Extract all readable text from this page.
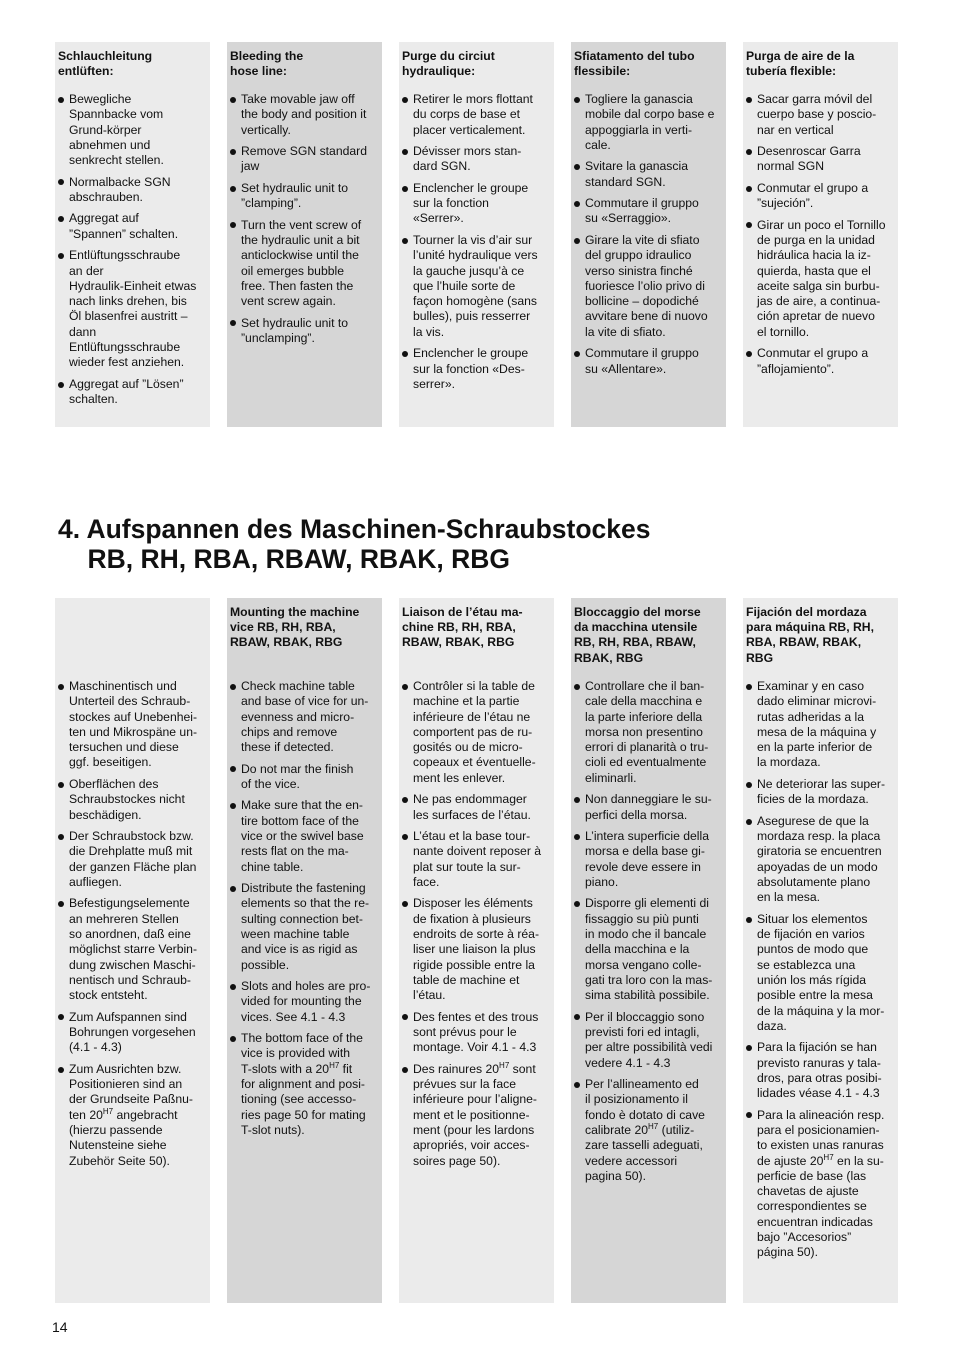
Schlauchleitung
entlüften:

Bewegliche
Spannbacke vom
Grund-körper
abnehmen und
senkrecht stellen.
Normalbacke SGN
abschrauben.
Aggregat auf
”Spannen” schalten.
Entlüftungsschraube
an der
Hydraulik-Einheit etwas
nach links drehen, bis
Öl blasenfrei austritt –
dann
Entlüftungsschraube
wieder fest anziehen.
Aggregat auf ”Lösen”
schalten.

Bleeding the
hose line:

Take movable jaw off
the body and position it
vertically.
Remove SGN standard
jaw
Set hydraulic unit to
”clamping”.
Turn the vent screw of
the hydraulic unit a bit
anticlockwise until the
oil emerges bubble
free. Then fasten the
vent screw again.
Set hydraulic unit to
”unclamping”.

Purge du circiut
hydraulique:

Retirer le mors flottant
du corps de base et
placer verticalement.
Dévisser mors stan-
dard SGN.
Enclencher le groupe
sur la fonction
«Serrer».
Tourner la vis d’air sur
l’unité hydraulique vers
la gauche jusqu’à ce
que l’huile sorte de
façon homogène (sans
bulles), puis resserrer
la vis.
Enclencher le groupe
sur la fonction «Des-
serrer».

Sfiatamento del tubo
flessibile:

Togliere la ganascia
mobile dal corpo base e
appoggiarla in verti-
cale.
Svitare la ganascia
standard SGN.
Commutare il gruppo
su «Serraggio».
Girare la vite di sfiato
del gruppo idraulico
verso sinistra finché
fuoriesce l’olio privo di
bollicine – dopodiché
avvitare bene di nuovo
la vite di sfiato.
Commutare il gruppo
su «Allentare».

Purga de aire de la
tubería flexible:

Sacar garra móvil del
cuerpo base y poscio-
nar en vertical
Desenroscar Garra
normal SGN
Conmutar el grupo a
”sujeción”.
Girar un poco el Tornillo
de purga en la unidad
hidráulica hacia la iz-
quierda, hasta que el
aceite salga sin burbu-
jas de aire, a continua-
ción apretar de nuevo
el tornillo.
Conmutar el grupo a
”aflojamiento”.
4. Aufspannen des Maschinen-Schraubstockes
RB, RH, RBA, RBAW, RBAK, RBG

Maschinentisch und
Unterteil des Schraub-
stockes auf Unebenhei-
ten und Mikrospäne un-
tersuchen und diese
ggf. beseitigen.
Oberflächen des
Schraubstockes nicht
beschädigen.
Der Schraubstock bzw.
die Drehplatte muß mit
der ganzen Fläche plan
aufliegen.
Befestigungselemente
an mehreren Stellen
so anordnen, daß eine
möglichst starre Verbin-
dung zwischen Maschi-
nentisch und Schraub-
stock entsteht.
Zum Aufspannen sind
Bohrungen vorgesehen
(4.1 - 4.3)
Zum Ausrichten bzw.
Positionieren sind an
der Grundseite Paßnu-
ten $20^{H7}$ angebracht
(hierzu passende
Nutensteine siehe
Zubehör Seite 50).

Mounting the machine
vice RB, RH, RBA,
RBAW, RBAK, RBG

Check machine table
and base of vice for un-
evenness and micro-
chips and remove
these if detected.
Do not mar the finish
of the vice.
Make sure that the en-
tire bottom face of the
vice or the swivel base
rests flat on the ma-
chine table.
Distribute the fastening
elements so that the re-
sulting connection bet-
ween machine table
and vice is as rigid as
possible.
Slots and holes are pro-
vided for mounting the
vices. See 4.1 - 4.3
The bottom face of the
vice is provided with
T-slots with a $20^{H7}$ fit
for alignment and posi-
tioning (see accesso-
ries page 50 for mating
T-slot nuts).

Liaison de l’étau ma-
chine RB, RH, RBA,
RBAW, RBAK, RBG

Contrôler si la table de
machine et la partie
inférieure de l’étau ne
comportent pas de ru-
gosités ou de micro-
copeaux et éventuelle-
ment les enlever.
Ne pas endommager
les surfaces de l’étau.
L’étau et la base tour-
nante doivent reposer à
plat sur toute la sur-
face.
Disposer les éléments
de fixation à plusieurs
endroits de sorte à réa-
liser une liaison la plus
rigide possible entre la
table de machine et
l’étau.
Des fentes et des trous
sont prévus pour le
montage. Voir 4.1 - 4.3
Des rainures $20^{H7}$ sont
prévues sur la face
inférieure pour l’aligne-
ment et le positionne-
ment (pour les lardons
apropriés, voir acces-
soires page 50).

Bloccaggio del morse
da macchina utensile
RB, RH, RBA, RBAW,
RBAK, RBG

Controllare che il ban-
cale della macchina e
la parte inferiore della
morsa non presentino
errori di planarità o tru-
cioli ed eventualmente
eliminarli.
Non danneggiare le su-
perfici della morsa.
L’intera superficie della
morsa e della base gi-
revole deve essere in
piano.
Disporre gli elementi di
fissaggio su più punti
in modo che il bancale
della macchina e la
morsa vengano colle-
gati tra loro con la mas-
sima stabilità possibile.
Per il bloccaggio sono
previsti fori ed intagli,
per altre possibilità vedi
vedere 4.1 - 4.3
Per l’allineamento ed
il posizionamento il
fondo è dotato di cave
calibrate $20^{H7}$ (utiliz-
zare tasselli adeguati,
vedere accessori
pagina 50).

Fijación del mordaza
para máquina RB, RH,
RBA, RBAW, RBAK,
RBG

Examinar y en caso
dado eliminar microvi-
rutas adheridas a la
mesa de la máquina y
en la parte inferior de
la mordaza.
Ne deteriorar las super-
ficies de la mordaza.
Asegurese de que la
mordaza resp. la placa
giratoria se encuentren
apoyadas de un modo
absolutamente plano
en la mesa.
Situar los elementos
de fijación en varios
puntos de modo que
se establezca una
unión los más rígida
posible entre la mesa
de la máquina y la mor-
daza.
Para la fijación se han
previsto ranuras y tala-
dros, para otras posibi-
lidades véase 4.1 - 4.3
Para la alineación resp.
para el posicionamien-
to existen unas ranuras
de ajuste $20^{H7}$ en la su-
perficie de base (las
chavetas de ajuste
correspondientes se
encuentran indicadas
bajo ”Accesorios”
página 50).
14
